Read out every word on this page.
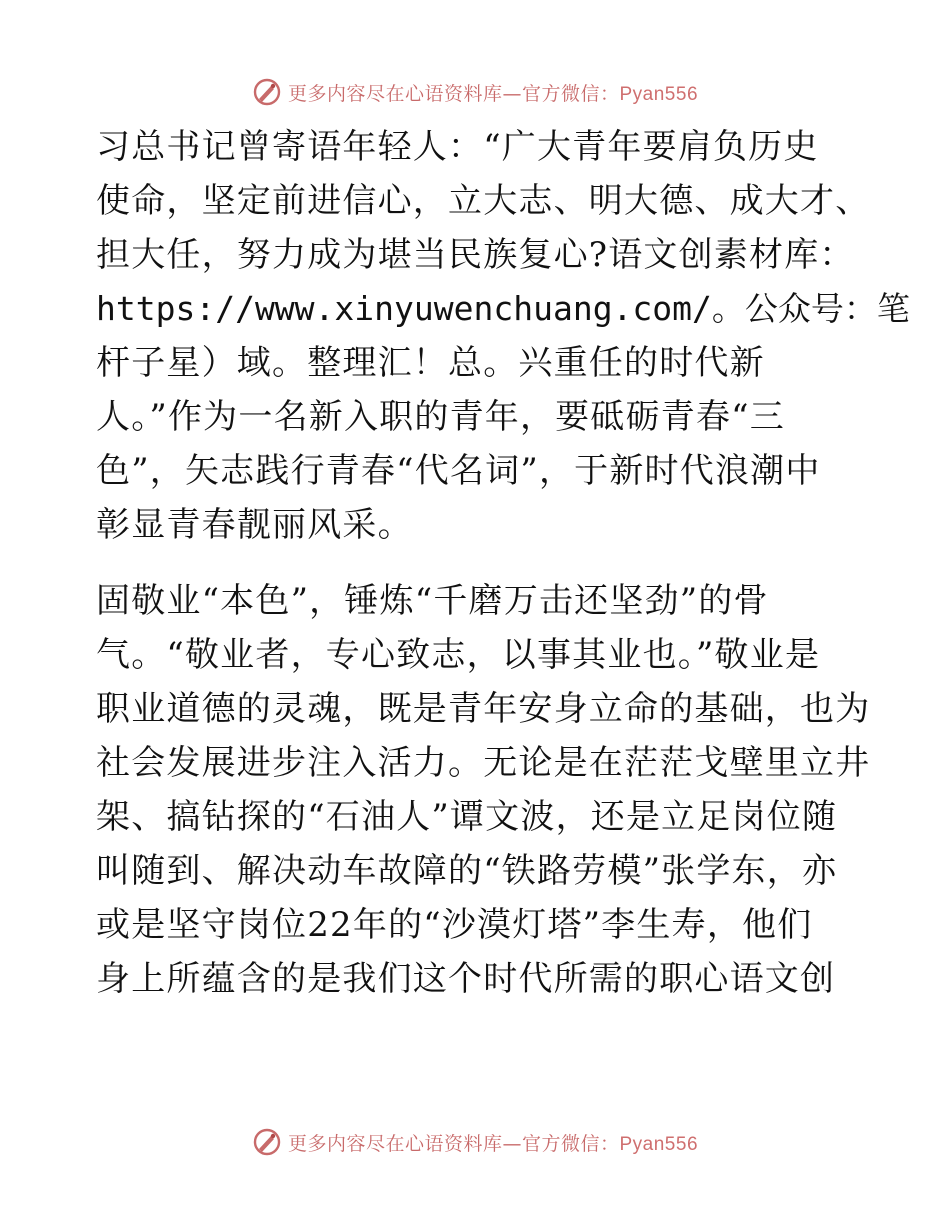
更多内容尽在心语资料库—官方微信：Pyan556
习总书记曾寄语年轻人：“广大青年要肩负历史
使命，坚定前进信心，立大志、明大德、成大才、
担大任，努力成为堪当民族复心?语文创素材库：
https://www.xinyuwenchuang.com/。公众号：笔
杆子星）域。整理汇！总。兴重任的时代新
人。”作为一名新入职的青年，要砥砺青春“三
色”，矢志践行青春“代名词”，于新时代浪潮中
彰显青春靓丽风采。
固敬业“本色”，锤炼“千磨万击还坚劲”的骨
气。“敬业者，专心致志，以事其业也。”敬业是
职业道德的灵魂，既是青年安身立命的基础，也为
社会发展进步注入活力。无论是在茫茫戈壁里立井
架、搞钻探的“石油人”谭文波，还是立足岗位随
叫随到、解决动车故障的“铁路劳模”张学东，亦
或是坚守岗位22年的“沙漠灯塔”李生寿，他们
身上所蕴含的是我们这个时代所需的职心语文创
更多内容尽在心语资料库—官方微信：Pyan556
